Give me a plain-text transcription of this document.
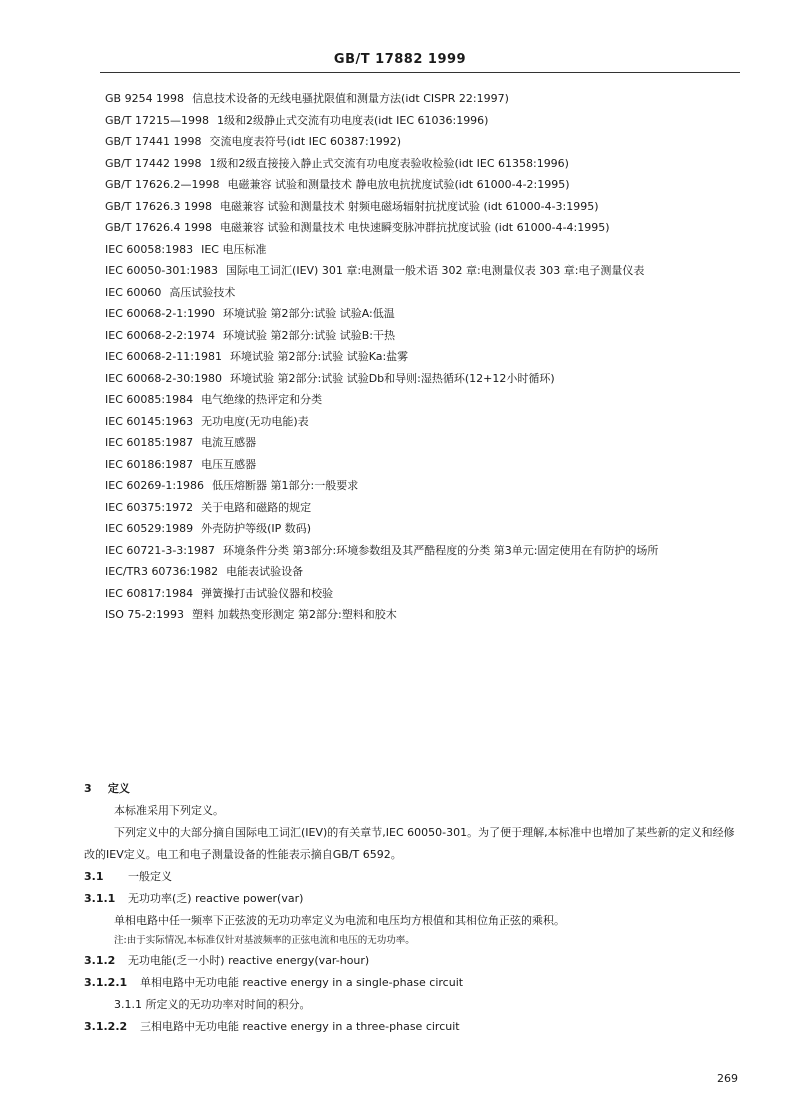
GB/T 17882 1999
GB 9254 1998 信息技术设备的无线电骚扰限值和测量方法(idt CISPR 22:1997)
GB/T 17215—1998 1级和2级静止式交流有功电度表(idt IEC 61036:1996)
GB/T 17441 1998 交流电度表符号(idt IEC 60387:1992)
GB/T 17442 1998 1级和2级直接接入静止式交流有功电度表验收检验(idt IEC 61358:1996)
GB/T 17626.2—1998 电磁兼容 试验和测量技术 静电放电抗扰度试验(idt 61000-4-2:1995)
GB/T 17626.3 1998 电磁兼容 试验和测量技术 射频电磁场辐射抗扰度试验 (idt 61000-4-3:1995)
GB/T 17626.4 1998 电磁兼容 试验和测量技术 电快速瞬变脉冲群抗扰度试验 (idt 61000-4-4:1995)
IEC 60058:1983 IEC 电压标准
IEC 60050-301:1983 国际电工词汇(IEV) 301 章:电测量一般术语 302 章:电测量仪表 303 章:电子测量仪表
IEC 60060 高压试验技术
IEC 60068-2-1:1990 环境试验 第2部分:试验 试验A:低温
IEC 60068-2-2:1974 环境试验 第2部分:试验 试验B:干热
IEC 60068-2-11:1981 环境试验 第2部分:试验 试验Ka:盐雾
IEC 60068-2-30:1980 环境试验 第2部分:试验 试验Db和导则:湿热循环(12+12小时循环)
IEC 60085:1984 电气绝缘的热评定和分类
IEC 60145:1963 无功电度(无功电能)表
IEC 60185:1987 电流互感器
IEC 60186:1987 电压互感器
IEC 60269-1:1986 低压熔断器 第1部分:一般要求
IEC 60375:1972 关于电路和磁路的规定
IEC 60529:1989 外壳防护等级(IP 数码)
IEC 60721-3-3:1987 环境条件分类 第3部分:环境参数组及其严酷程度的分类 第3单元:固定使用在有防护的场所
IEC/TR3 60736:1982 电能表试验设备
IEC 60817:1984 弹簧操打击试验仪器和校验
ISO 75-2:1993 塑料 加载热变形测定 第2部分:塑料和胶木
3 定义
本标准采用下列定义。
下列定义中的大部分摘自国际电工词汇(IEV)的有关章节,IEC 60050-301。为了便于理解,本标准中也增加了某些新的定义和经修改的IEV定义。电工和电子测量设备的性能表示摘自GB/T 6592。
3.1	一般定义
3.1.1	无功功率(乏) reactive power(var)
单相电路中任一频率下正弦波的无功功率定义为电流和电压均方根值和其相位角正弦的乘积。
注:由于实际情况,本标准仅针对基波频率的正弦电流和电压的无功功率。
3.1.2	无功电能(乏一小时) reactive energy(var-hour)
3.1.2.1	单相电路中无功电能 reactive energy in a single-phase circuit
3.1.1 所定义的无功功率对时间的积分。
3.1.2.2	三相电路中无功电能 reactive energy in a three-phase circuit
269
